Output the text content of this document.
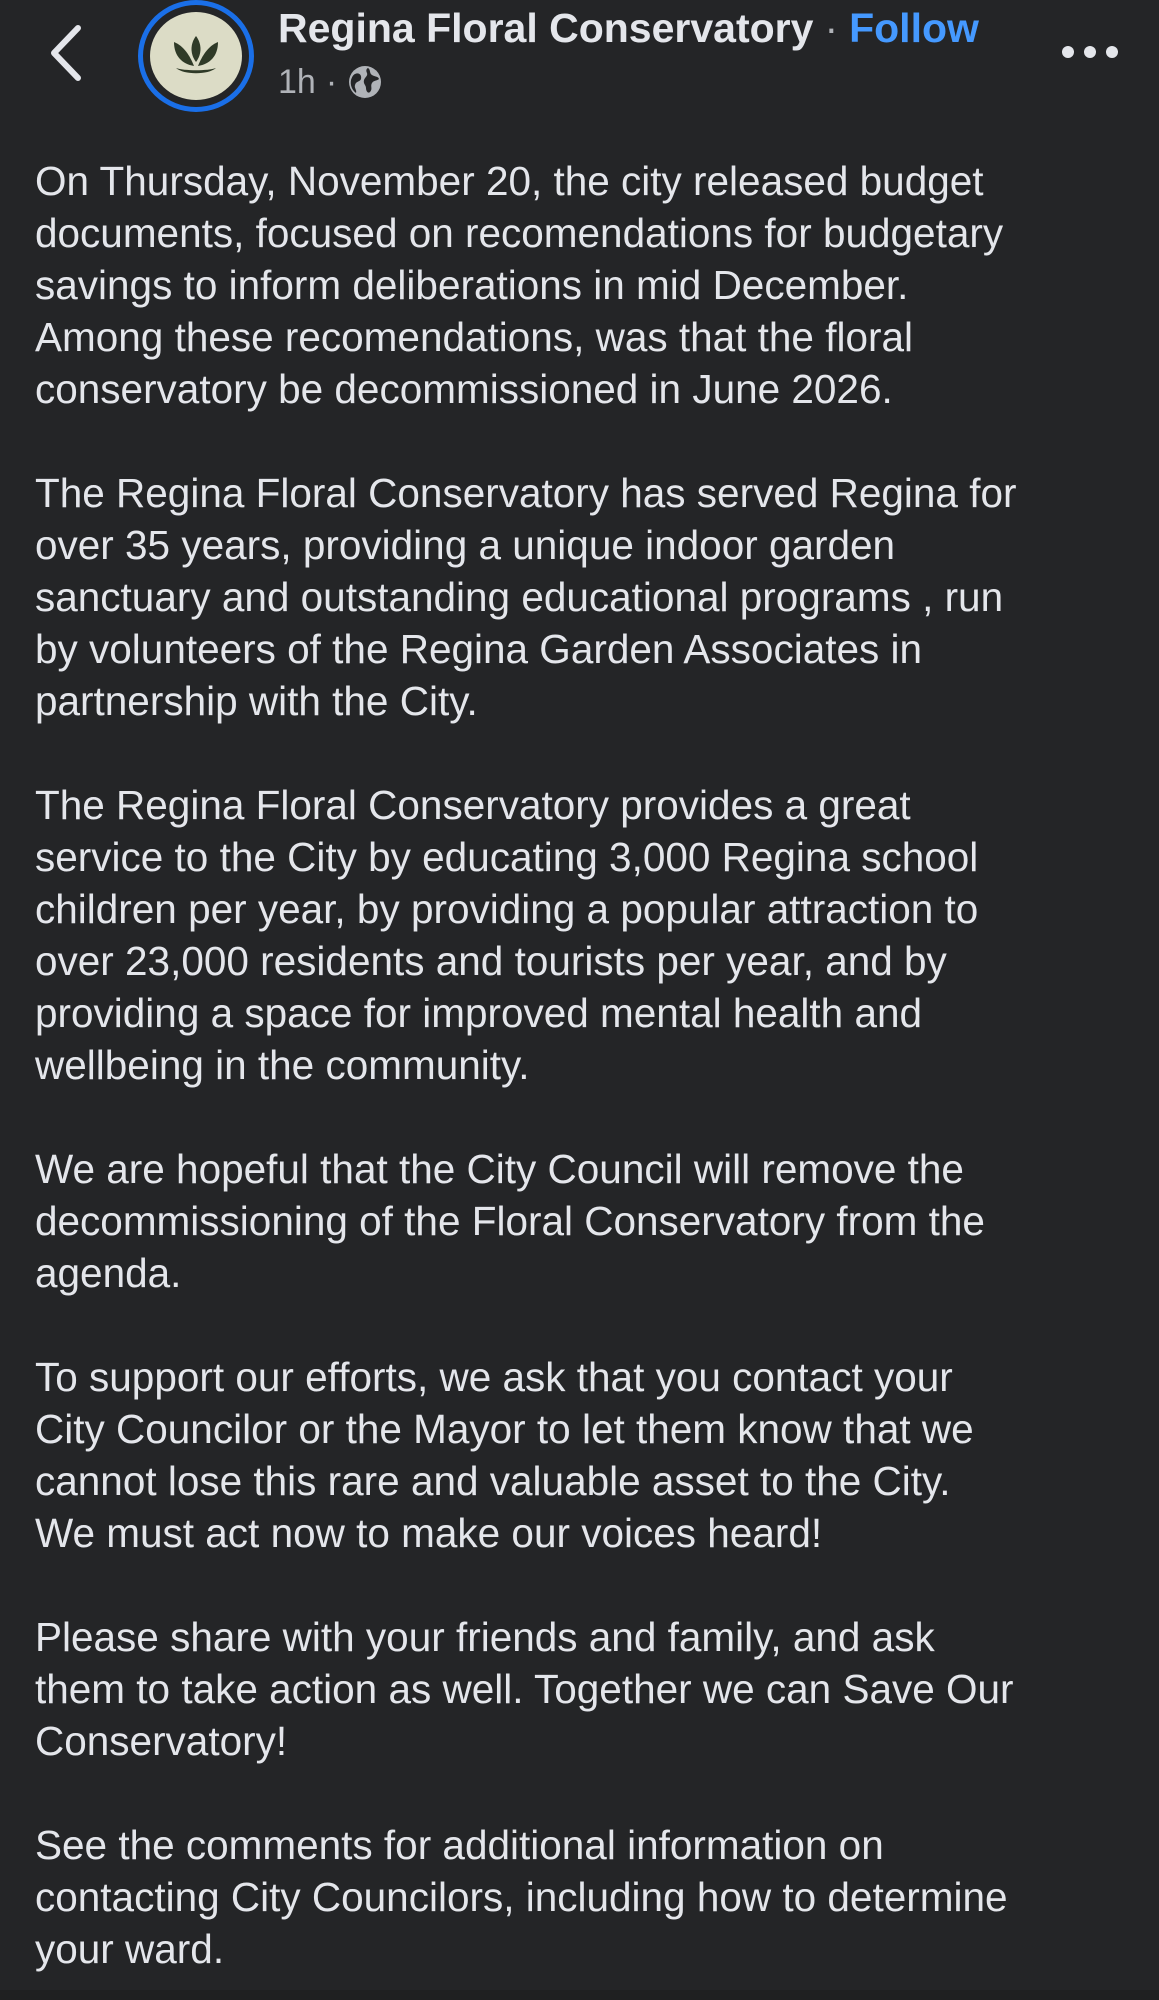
Regina Floral Conservatory · Follow
1h ·

On Thursday, November 20, the city released budget
documents, focused on recomendations for budgetary
savings to inform deliberations in mid December.
Among these recomendations, was that the floral
conservatory be decommissioned in June 2026.

The Regina Floral Conservatory has served Regina for
over 35 years, providing a unique indoor garden
sanctuary and outstanding educational programs , run
by volunteers of the Regina Garden Associates in
partnership with the City.

The Regina Floral Conservatory provides a great
service to the City by educating 3,000 Regina school
children per year, by providing a popular attraction to
over 23,000 residents and tourists per year, and by
providing a space for improved mental health and
wellbeing in the community.

We are hopeful that the City Council will remove the
decommissioning of the Floral Conservatory from the
agenda.

To support our efforts, we ask that you contact your
City Councilor or the Mayor to let them know that we
cannot lose this rare and valuable asset to the City.
We must act now to make our voices heard!

Please share with your friends and family, and ask
them to take action as well. Together we can Save Our
Conservatory!

See the comments for additional information on
contacting City Councilors, including how to determine
your ward.
